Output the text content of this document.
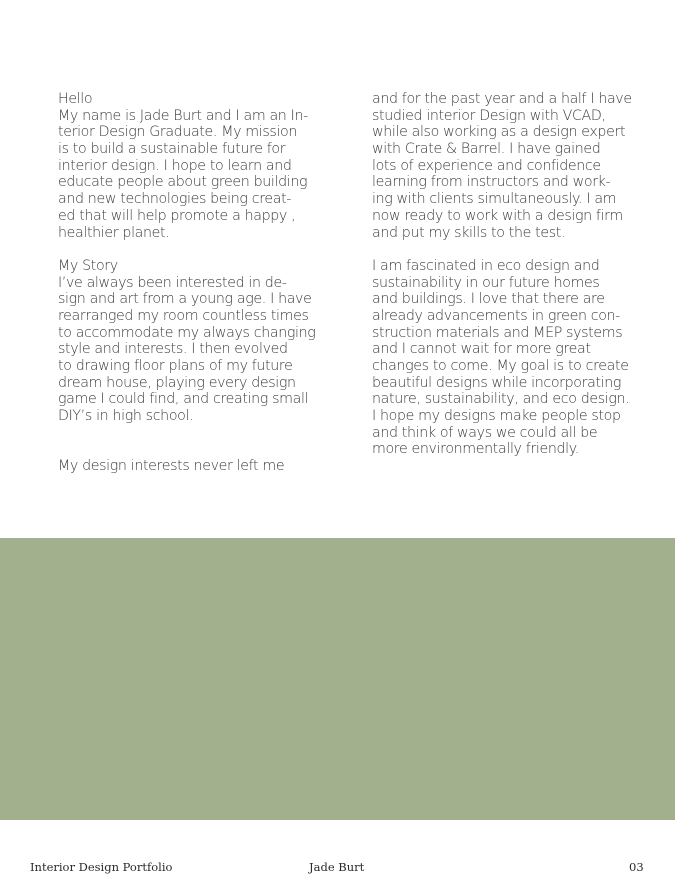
Hello
My name is Jade Burt and I am an In-
terior Design Graduate. My mission
is to build a sustainable future for
interior design. I hope to learn and
educate people about green building
and new technologies being creat-
ed that will help promote a happy ,
healthier planet.
My Story
I’ve always been interested in de-
sign and art from a young age. I have
rearranged my room countless times
to accommodate my always changing
style and interests. I then evolved
to drawing floor plans of my future
dream house, playing every design
game I could find, and creating small
DIY’s in high school.
My design interests never left me
and for the past year and a half I have
studied interior Design with VCAD,
while also working as a design expert
with Crate & Barrel. I have gained
lots of experience and confidence
learning from instructors and work-
ing with clients simultaneously. I am
now ready to work with a design firm
and put my skills to the test.
I am fascinated in eco design and
sustainability in our future homes
and buildings. I love that there are
already advancements in green con-
struction materials and MEP systems
and I cannot wait for more great
changes to come. My goal is to create
beautiful designs while incorporating
nature, sustainability, and eco design.
I hope my designs make people stop
and think of ways we could all be
more environmentally friendly.
Interior Design Portfolio	Jade Burt	03
